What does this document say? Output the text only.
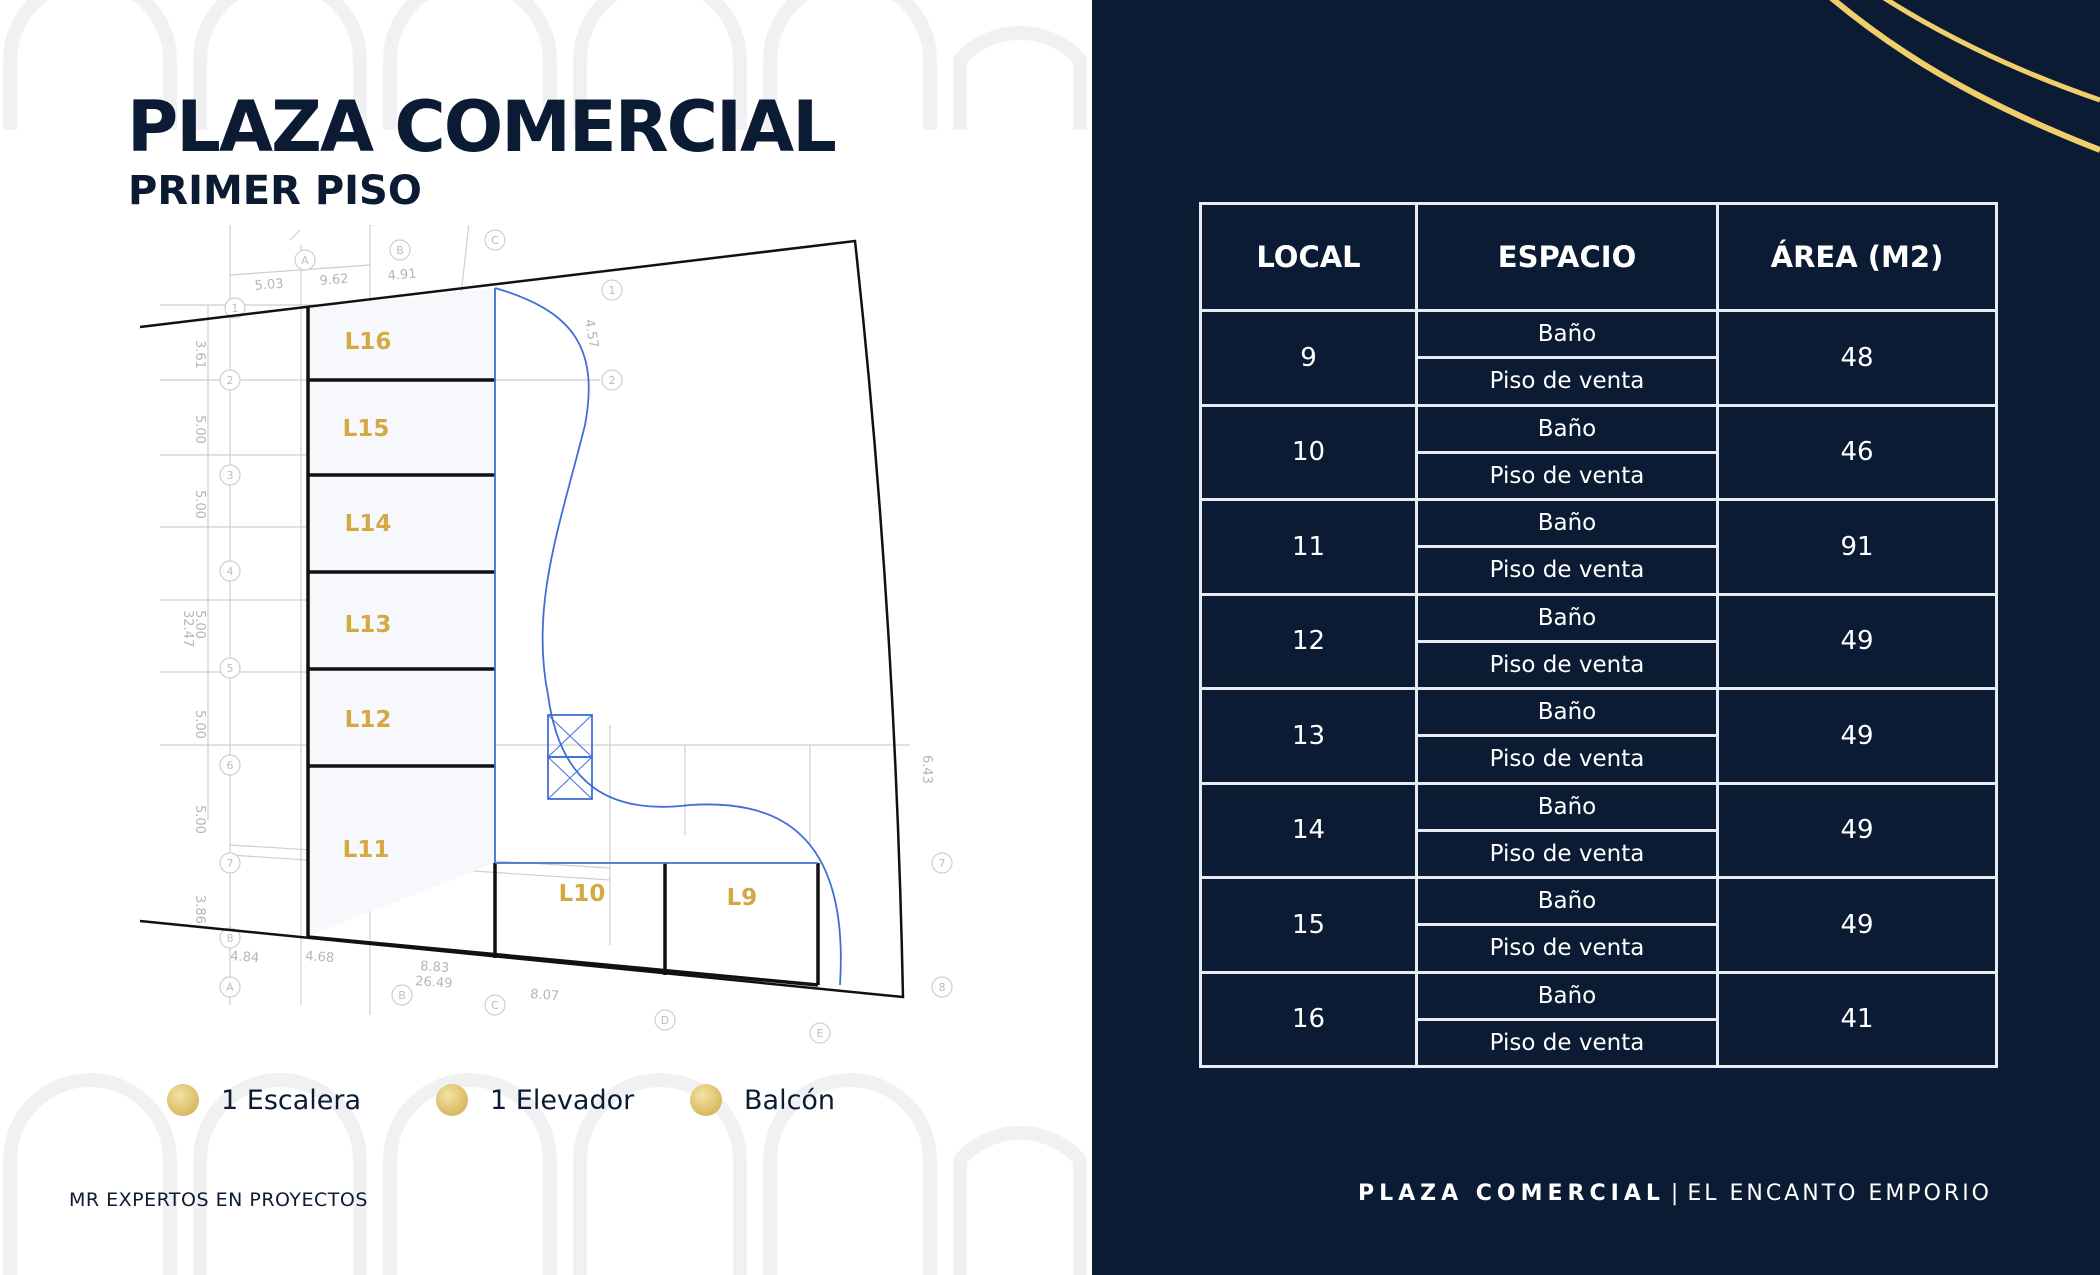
PLAZA COMERCIAL
PRIMER PISO
5.03	9.62	4.91
3.61
5.00
5.00
5.00
5.00
5.00
3.86
32.47
4.68
4.84
26.49
8.83
8.07
6.43
4.57
A
B
C
A
B
C
D
E
1
2
3
4
5
6
7
8
1
2
7
8
L16
L15
L14
L13
L12
L11
L10	L9
1 Escalera	1 Elevador	Balcón
MR EXPERTOS EN PROYECTOS
LOCAL	ESPACIO	ÁREA (M2)
9	Baño	48
	Piso de venta	
10	Baño	46
	Piso de venta	
11	Baño	91
	Piso de venta	
12	Baño	49
	Piso de venta	
13	Baño	49
	Piso de venta	
14	Baño	49
	Piso de venta	
15	Baño	49
	Piso de venta	
16	Baño	41
	Piso de venta	
PLAZA COMERCIAL | EL ENCANTO EMPORIO
